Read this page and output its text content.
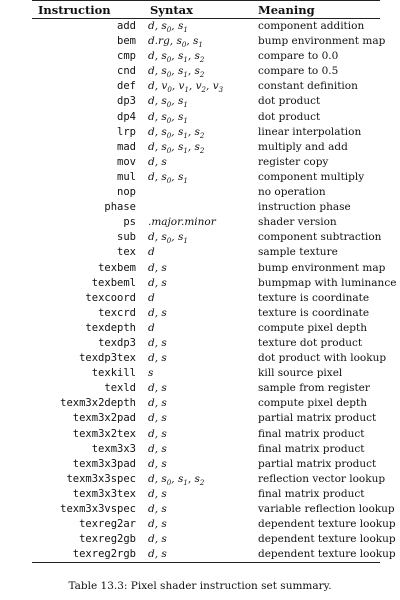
Instruction	Syntax	Meaning
add	d, $s_0$, $s_1$	component addition
bem	d.rg, $s_0$, $s_1$	bump environment map
cmp	d, $s_0$, $s_1$, $s_2$	compare to 0.0
cnd	d, $s_0$, $s_1$, $s_2$	compare to 0.5
def	d, $v_0$, $v_1$, $v_2$, $v_3$	constant definition
dp3	d, $s_0$, $s_1$	dot product
dp4	d, $s_0$, $s_1$	dot product
lrp	d, $s_0$, $s_1$, $s_2$	linear interpolation
mad	d, $s_0$, $s_1$, $s_2$	multiply and add
mov	d, s	register copy
mul	d, $s_0$, $s_1$	component multiply
nop		no operation
phase		instruction phase
ps	.major.minor	shader version
sub	d, $s_0$, $s_1$	component subtraction
tex	d	sample texture
texbem	d, s	bump environment map
texbeml	d, s	bumpmap with luminance
texcoord	d	texture is coordinate
texcrd	d, s	texture is coordinate
texdepth	d	compute pixel depth
texdp3	d, s	texture dot product
texdp3tex	d, s	dot product with lookup
texkill	s	kill source pixel
texld	d, s	sample from register
texm3x2depth	d, s	compute pixel depth
texm3x2pad	d, s	partial matrix product
texm3x2tex	d, s	final matrix product
texm3x3	d, s	final matrix product
texm3x3pad	d, s	partial matrix product
texm3x3spec	d, $s_0$, $s_1$, $s_2$	reflection vector lookup
texm3x3tex	d, s	final matrix product
texm3x3vspec	d, s	variable reflection lookup
texreg2ar	d, s	dependent texture lookup
texreg2gb	d, s	dependent texture lookup
texreg2rgb	d, s	dependent texture lookup
Table 13.3: Pixel shader instruction set summary.
